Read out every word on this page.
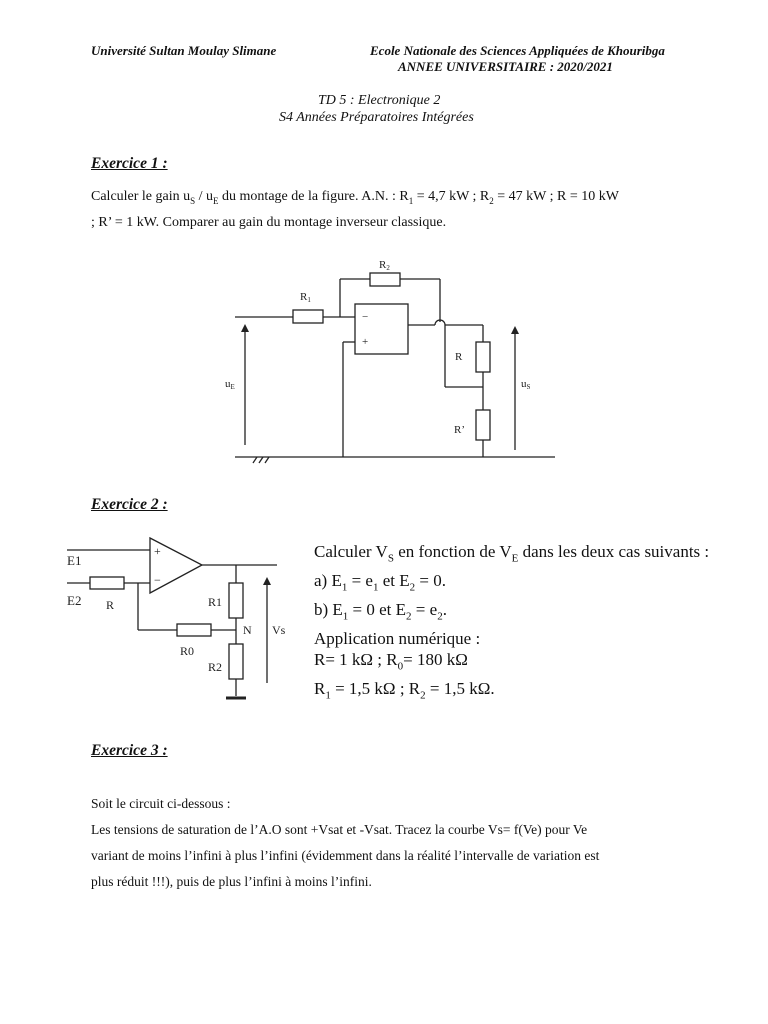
Université Sultan Moulay Slimane	Ecole Nationale des Sciences Appliquées de Khouribga
ANNEE UNIVERSITAIRE : 2020/2021
TD 5 : Electronique 2
S4 Années Préparatoires Intégrées
Exercice 1 :
Calculer le gain $u_S / u_E$ du montage de la figure. A.N. : $R_1 = 4,7$ kW ; $R_2 = 47$ kW ; R = 10 kW
; R’ = 1 kW. Comparer au gain du montage inverseur classique.
R1
R2
−
+
R
R’
uE	uS
Exercice 2 :
E1
E2 R
+
−
R1
N Vs
R0
R2
Calculer $V_S$ en fonction de $V_E$ dans les deux cas suivants :
a) $E_1 = e_1$ et $E_2 = 0$.
b) $E_1 = 0$ et $E_2 = e_2$.
Application numérique :
R= 1 kΩ ; $R_0= 180$ kΩ
$R_1 = 1,5$ kΩ ; $R_2 = 1,5$ kΩ.
Exercice 3 :
Soit le circuit ci-dessous :
Les tensions de saturation de l’A.O sont +Vsat et -Vsat. Tracez la courbe Vs= f(Ve) pour Ve
variant de moins l’infini à plus l’infini (évidemment dans la réalité l’intervalle de variation est
plus réduit !!!), puis de plus l’infini à moins l’infini.
